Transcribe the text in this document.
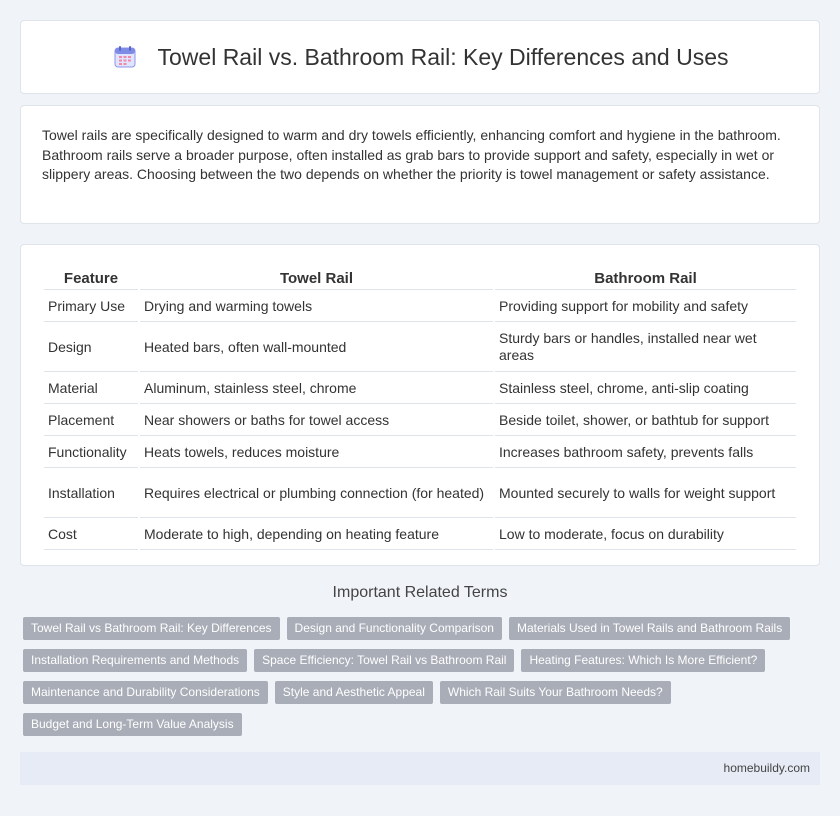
Towel Rail vs. Bathroom Rail: Key Differences and Uses

Towel rails are specifically designed to warm and dry towels efficiently, enhancing comfort and hygiene in the bathroom. Bathroom rails serve a broader purpose, often installed as grab bars to provide support and safety, especially in wet or slippery areas. Choosing between the two depends on whether the priority is towel management or safety assistance.

Feature	Towel Rail	Bathroom Rail
Primary Use	Drying and warming towels	Providing support for mobility and safety
Design	Heated bars, often wall-mounted	Sturdy bars or handles, installed near wet areas
Material	Aluminum, stainless steel, chrome	Stainless steel, chrome, anti-slip coating
Placement	Near showers or baths for towel access	Beside toilet, shower, or bathtub for support
Functionality	Heats towels, reduces moisture	Increases bathroom safety, prevents falls
Installation	Requires electrical or plumbing connection (for heated)	Mounted securely to walls for weight support
Cost	Moderate to high, depending on heating feature	Low to moderate, focus on durability
Important Related Terms
Towel Rail vs Bathroom Rail: Key Differences	Design and Functionality Comparison	Materials Used in Towel Rails and Bathroom Rails
Installation Requirements and Methods	Space Efficiency: Towel Rail vs Bathroom Rail	Heating Features: Which Is More Efficient?
Maintenance and Durability Considerations	Style and Aesthetic Appeal	Which Rail Suits Your Bathroom Needs?
Budget and Long-Term Value Analysis
homebuildy.com
